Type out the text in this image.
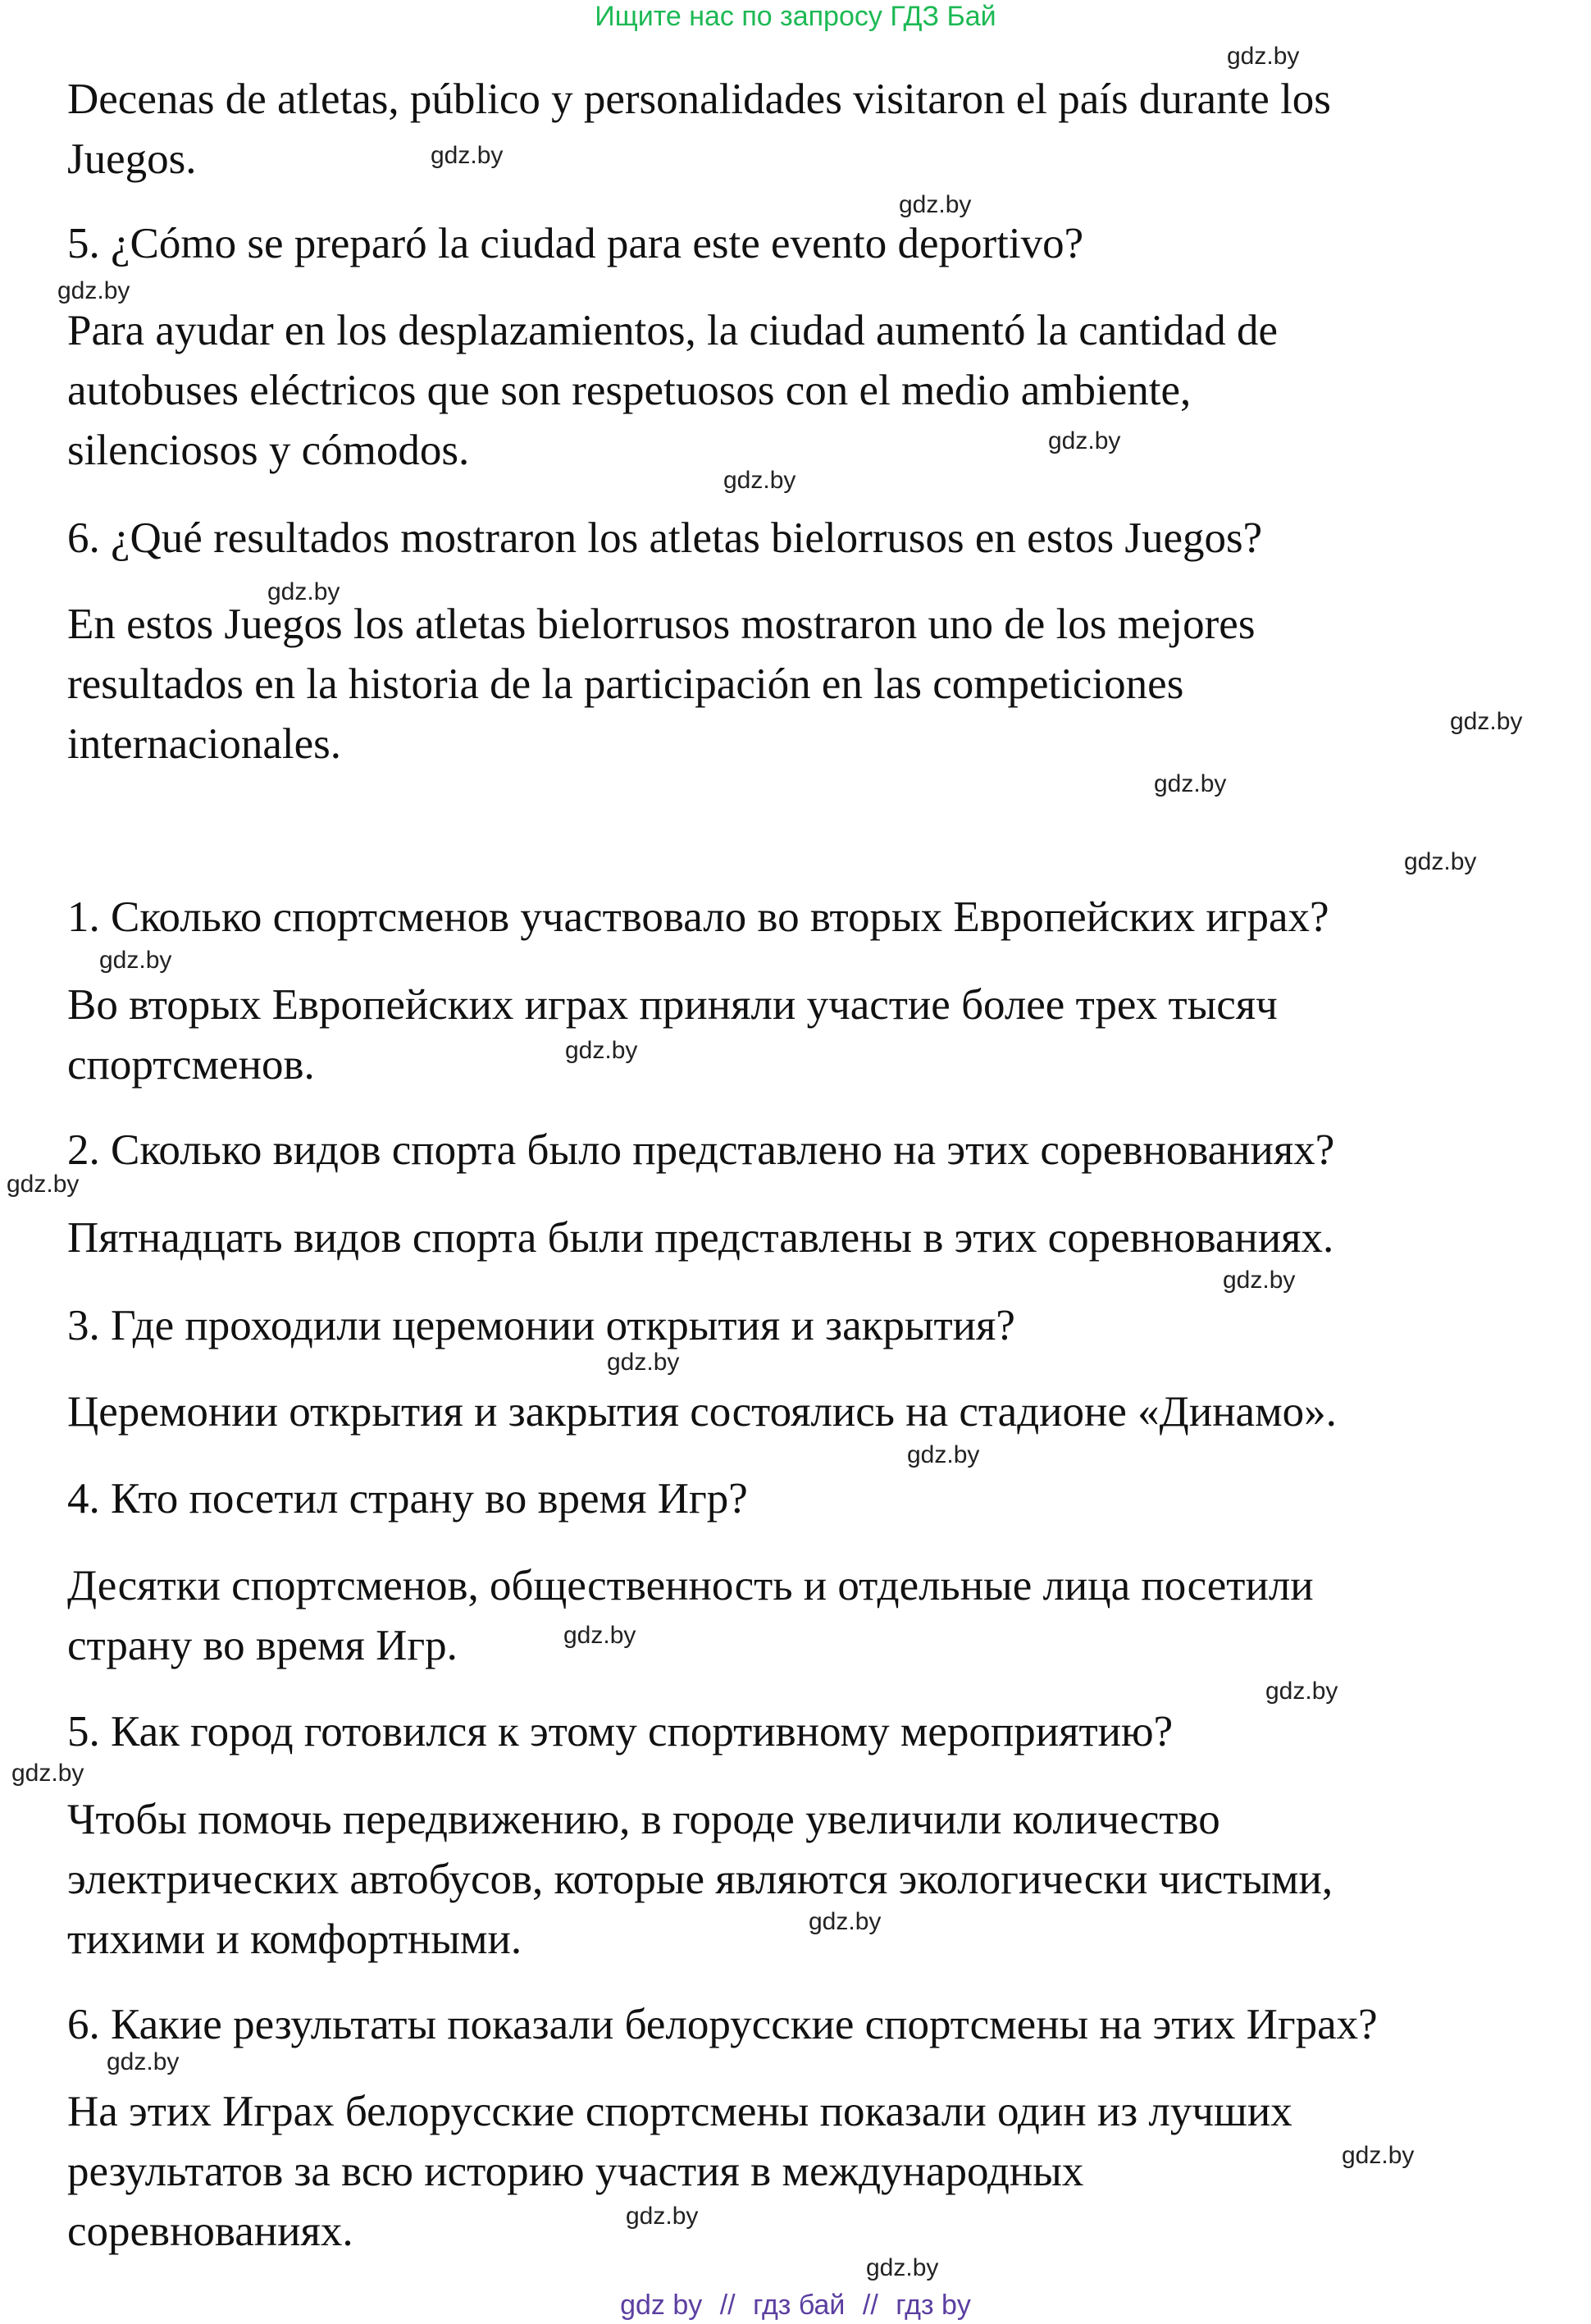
Ищите нас по запросу ГДЗ Бай
Decenas de atletas, público y personalidades visitaron el país durante los
Juegos.
5. ¿Cómo se preparó la ciudad para este evento deportivo?
Para ayudar en los desplazamientos, la ciudad aumentó la cantidad de
autobuses eléctricos que son respetuosos con el medio ambiente,
silenciosos y cómodos.
6. ¿Qué resultados mostraron los atletas bielorrusos en estos Juegos?
En estos Juegos los atletas bielorrusos mostraron uno de los mejores
resultados en la historia de la participación en las competiciones
internacionales.
1. Сколько спортсменов участвовало во вторых Европейских играх?
Во вторых Европейских играх приняли участие более трех тысяч
спортсменов.
2. Сколько видов спорта было представлено на этих соревнованиях?
Пятнадцать видов спорта были представлены в этих соревнованиях.
3. Где проходили церемонии открытия и закрытия?
Церемонии открытия и закрытия состоялись на стадионе «Динамо».
4. Кто посетил страну во время Игр?
Десятки спортсменов, общественность и отдельные лица посетили
страну во время Игр.
5. Как город готовился к этому спортивному мероприятию?
Чтобы помочь передвижению, в городе увеличили количество
электрических автобусов, которые являются экологически чистыми,
тихими и комфортными.
6. Какие результаты показали белорусские спортсмены на этих Играх?
На этих Играх белорусские спортсмены показали один из лучших
результатов за всю историю участия в международных
соревнованиях.
gdz.by
gdz.by
gdz.by
gdz.by
gdz.by
gdz.by
gdz.by
gdz.by
gdz.by
gdz.by
gdz.by
gdz.by
gdz.by
gdz.by
gdz.by
gdz.by
gdz.by
gdz.by
gdz.by
gdz.by
gdz.by
gdz.by
gdz.by
gdz.by
gdz by // гдз бай // гдз by
